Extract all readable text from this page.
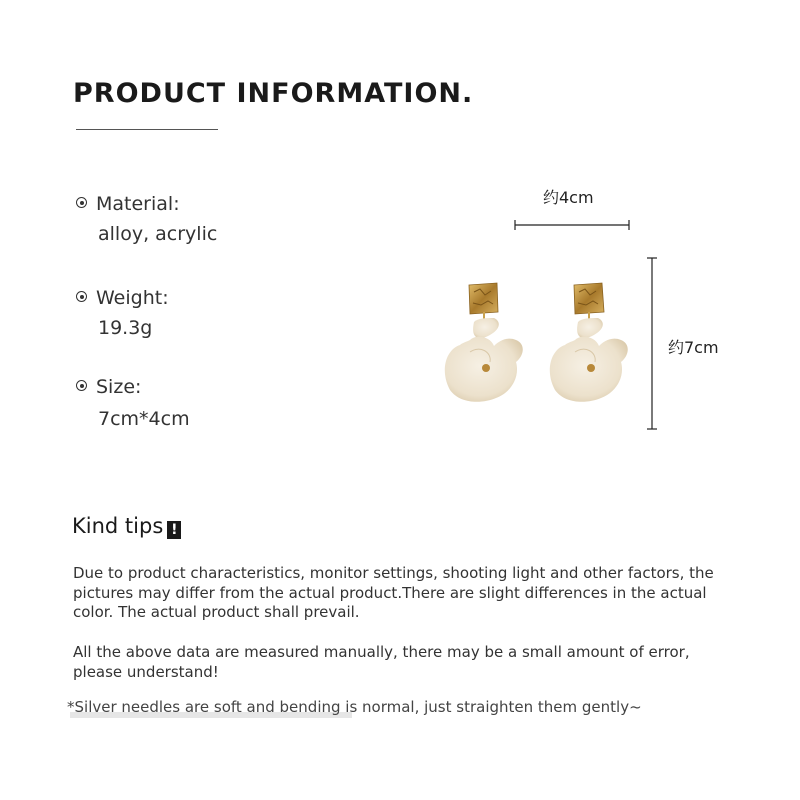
PRODUCT INFORMATION.
Material:
alloy, acrylic
Weight:
19.3g
Size:
7cm*4cm
约4cm
约7cm
Kind tips !
Due to product characteristics, monitor settings, shooting light and other factors, the pictures may differ from the actual product.There are slight differences in the actual color. The actual product shall prevail.
All the above data are measured manually, there may be a small amount of error, please understand!
*Silver needles are soft and bending is normal, just straighten them gently~
